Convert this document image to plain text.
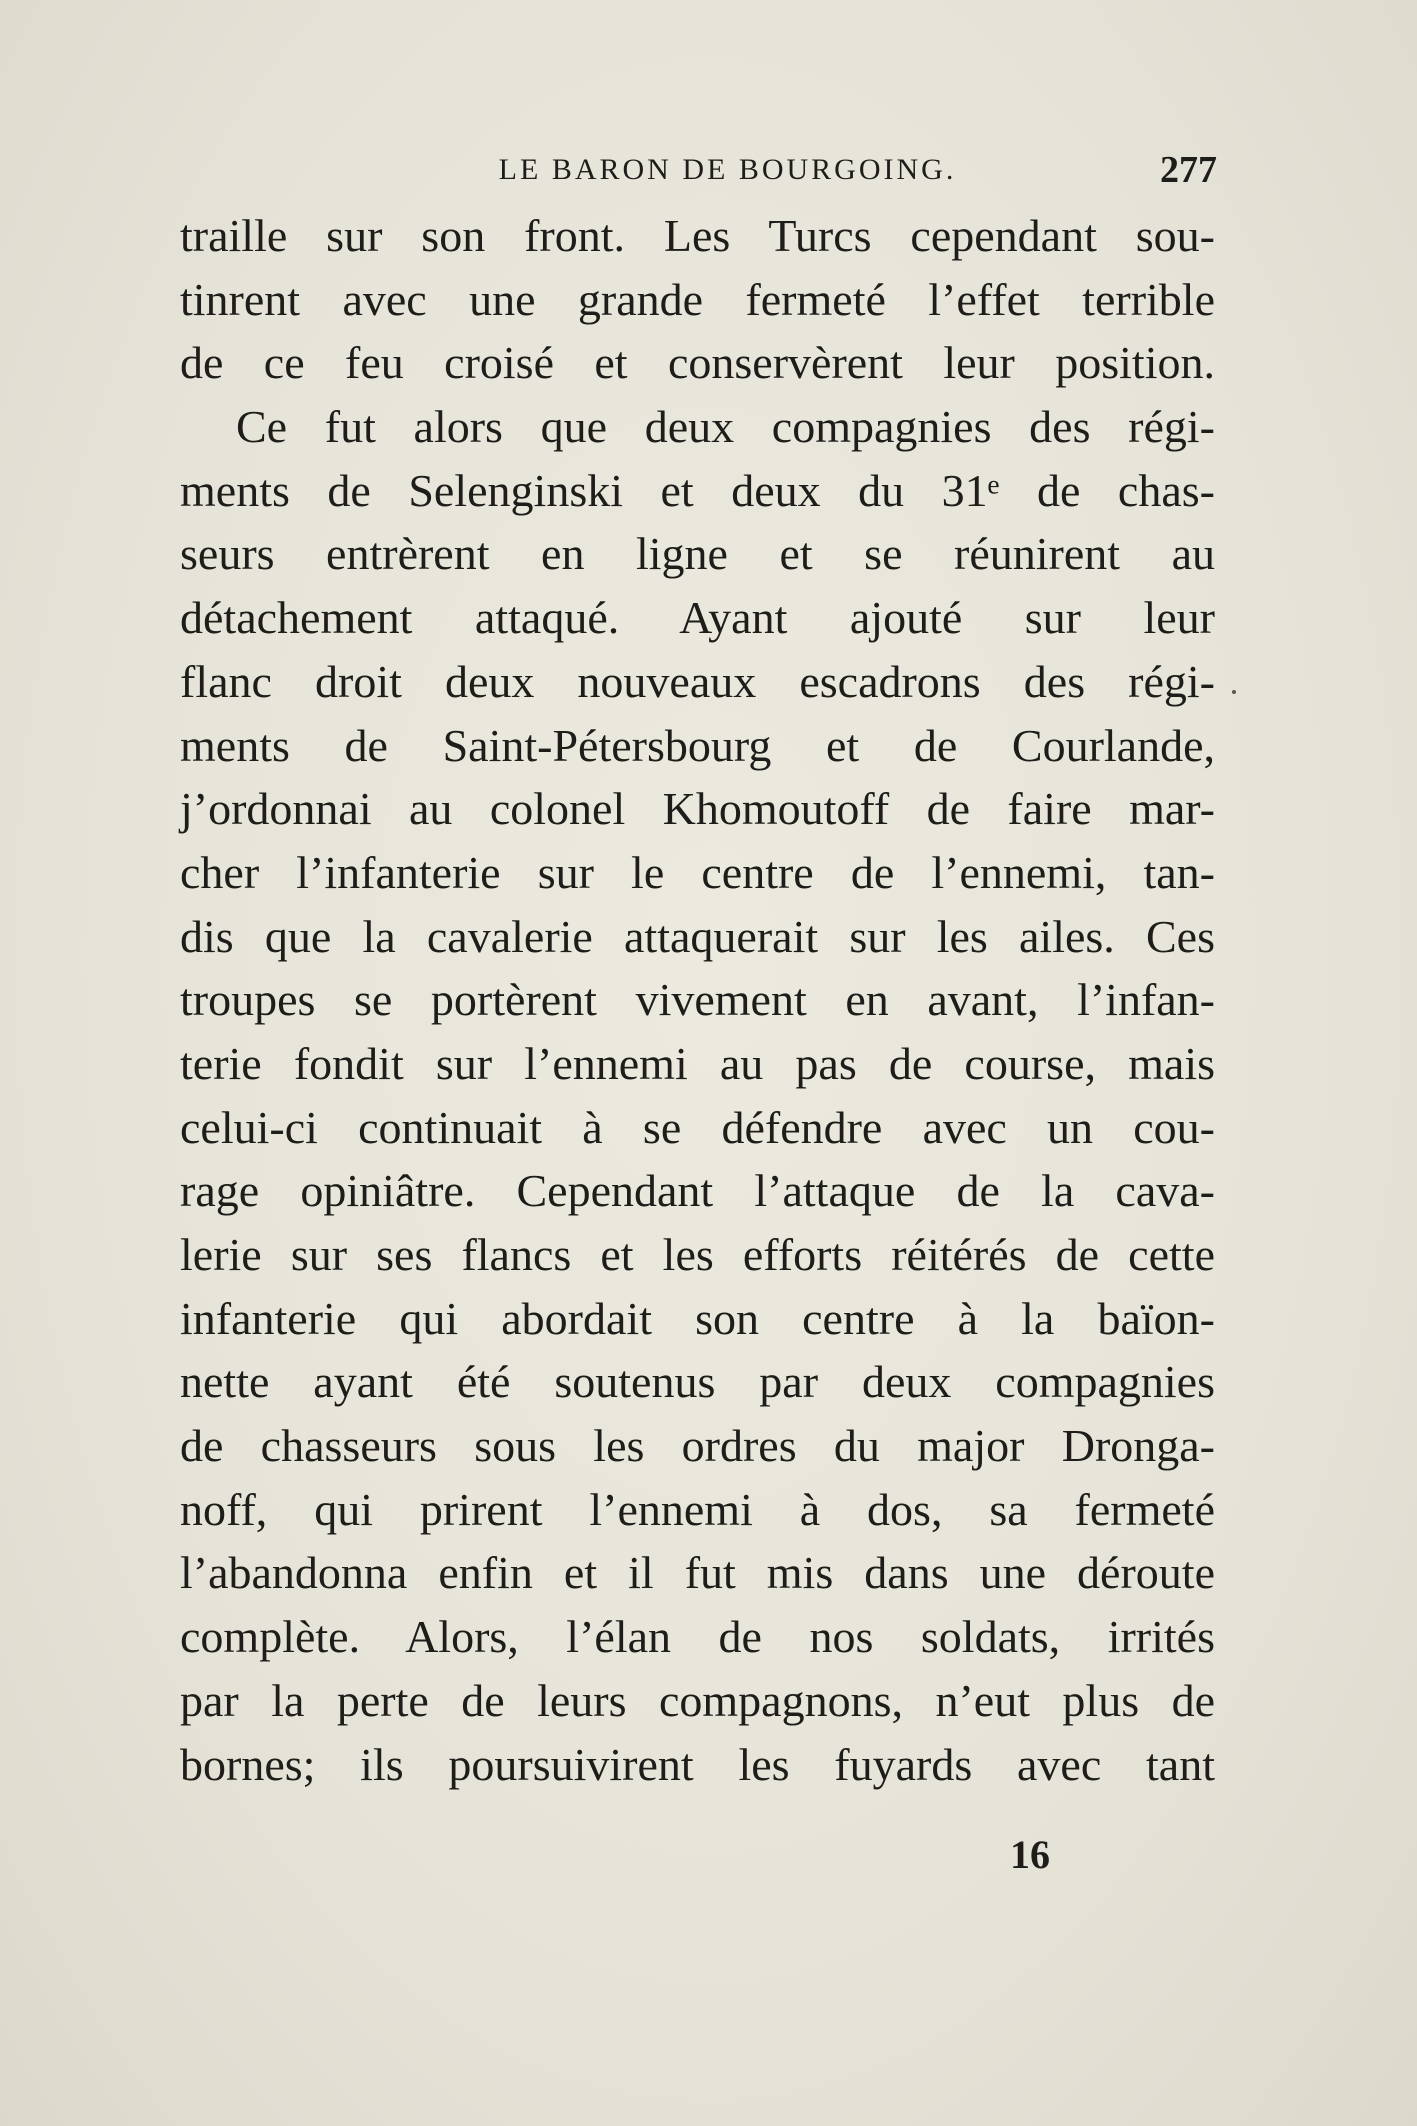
LE BARON DE BOURGOING.	277
traille sur son front. Les Turcs cependant sou-
tinrent avec une grande fermeté l’effet terrible
de ce feu croisé et conservèrent leur position.
Ce fut alors que deux compagnies des régi-
ments de Selenginski et deux du 31ᵉ de chas-
seurs entrèrent en ligne et se réunirent au
détachement attaqué. Ayant ajouté sur leur
flanc droit deux nouveaux escadrons des régi-
ments de Saint-Pétersbourg et de Courlande,
j’ordonnai au colonel Khomoutoff de faire mar-
cher l’infanterie sur le centre de l’ennemi, tan-
dis que la cavalerie attaquerait sur les ailes. Ces
troupes se portèrent vivement en avant, l’infan-
terie fondit sur l’ennemi au pas de course, mais
celui-ci continuait à se défendre avec un cou-
rage opiniâtre. Cependant l’attaque de la cava-
lerie sur ses flancs et les efforts réitérés de cette
infanterie qui abordait son centre à la baïon-
nette ayant été soutenus par deux compagnies
de chasseurs sous les ordres du major Dronga-
noff, qui prirent l’ennemi à dos, sa fermeté
l’abandonna enfin et il fut mis dans une déroute
complète. Alors, l’élan de nos soldats, irrités
par la perte de leurs compagnons, n’eut plus de
bornes; ils poursuivirent les fuyards avec tant
16
